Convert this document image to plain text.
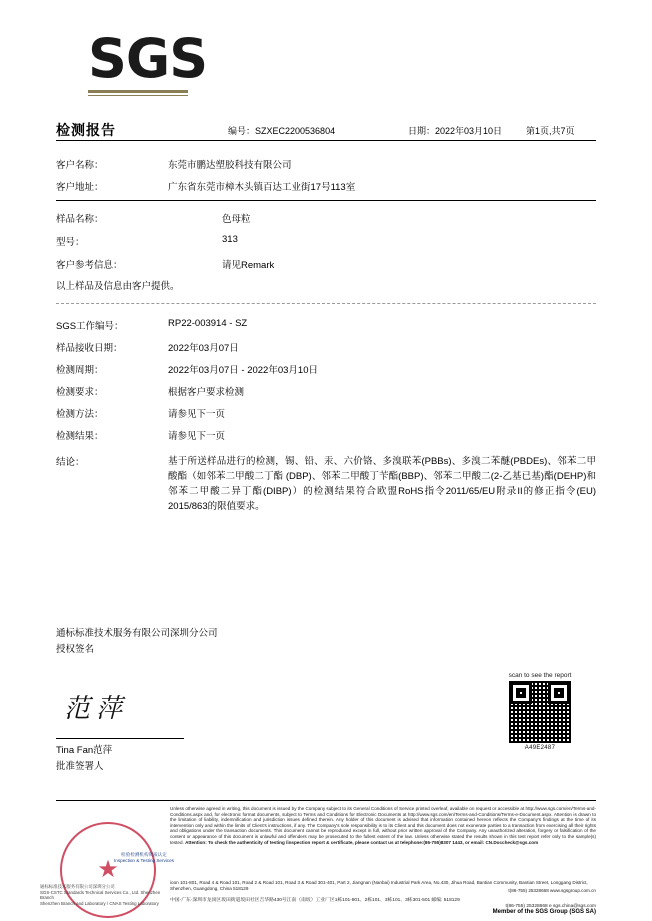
SGS
检测报告	编号：SZXEC2200536804	日期：2022年03月10日	第1页,共7页
客户名称：	东莞市鹏达塑胶科技有限公司
客户地址：	广东省东莞市樟木头镇百达工业街17号113室
样品名称：	色母粒
型号：	313
客户参考信息：	请见Remark
以上样品及信息由客户提供。
SGS工作编号：	RP22-003914 - SZ
样品接收日期：	2022年03月07日
检测周期：	2022年03月07日 - 2022年03月10日
检测要求：	根据客户要求检测
检测方法：	请参见下一页
检测结果：	请参见下一页
结论：	基于所送样品进行的检测，锡、铅、汞、六价铬、多溴联苯(PBBs)、多溴二苯醚(PBDEs)、邻苯二甲酸酯（如邻苯二甲酸二丁酯 (DBP)、邻苯二甲酸丁苄酯(BBP)、邻苯二甲酸二(2-乙基已基)酯(DEHP)和邻苯二甲酸二异丁酯(DIBP)）的检测结果符合欧盟RoHS指令2011/65/EU附录II的修正指令(EU) 2015/863的限值要求。
通标标准技术服务有限公司深圳分公司
授权签名
范萍
Tina Fan范萍
批准签署人
scan to see the report
A49E2487
Unless otherwise agreed in writing, this document is issued by the Company subject to its General Conditions of Service printed overleaf, available on request or accessible at http://www.sgs.com/en/Terms-and-Conditions.aspx and, for electronic format documents, subject to Terms and Conditions for Electronic Documents at http://www.sgs.com/en/Terms-and-Conditions/Terms-e-Document.aspx. Attention is drawn to the limitation of liability, indemnification and jurisdiction issues defined therein. Any holder of this document is advised that information contained hereon reflects the Company's findings at the time of its intervention only and within the limits of Client's instructions, if any. The Company's sole responsibility is to its Client and this document does not exonerate parties to a transaction from exercising all their rights and obligations under the transaction documents. This document cannot be reproduced except in full, without prior written approval of the Company. Any unauthorized alteration, forgery or falsification of the content or appearance of this document is unlawful and offenders may be prosecuted to the fullest extent of the law. Unless otherwise stated the results shown in this test report refer only to the sample(s) tested. Attention: To check the authenticity of testing /inspection report & certificate, please contact us at telephone:(86-755)8307 1443, or email: CN.Doccheck@sgs.com
ioon 101-801, Road 4 & Road 101, Road 2 & Road 101, Road 3 & Road 301-401, Part 2, Jiangnan (Nanbai) Industrial Park Area, No.430, Jihua Road, Bantian Community, Bantian Street, Longgang District, Shenzhen, Guangdong, China 518129	t(86-755) 25328668 www.sgsgroup.com.cn
中国·广东·深圳市龙岗区坂田街道坂田社区吉华路430号江南（南坂）工业厂区1栋101-801、2栋101、3栋101、3栋301-501 邮编: 518129
t(86-755) 25328668 e sgs.china@sgs.com
Member of the SGS Group (SGS SA)
★
检验检测机构资质认定
Inspection & Testing Services
通标标准技术服务有限公司深圳分公司
SGS-CSTC Standards Technical Services Co., Ltd. Shenzhen Branch
Shenzhen Branch and Laboratory / CNAS Testing Laboratory
